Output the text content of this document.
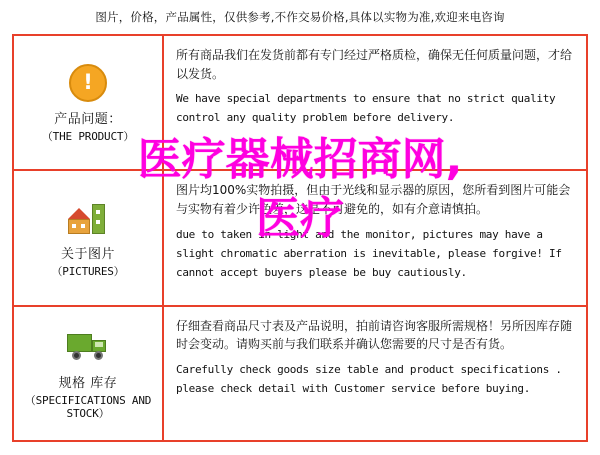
图片，价格，产品属性，仅供参考,不作交易价格,具体以实物为准,欢迎来电咨询
!
产品问题：
（THE PRODUCT）

所有商品我们在发货前都有专门经过严格质检，确保无任何质量问题，才给以发货。

We have special departments to ensure that no strict quality control any quality problem before delivery.

关于图片
（PICTURES）

图片均100%实物拍摄，但由于光线和显示器的原因，您所看到图片可能会与实物有着少许色差，这是不可避免的，如有介意请慎拍。

due to taken in light and the monitor, pictures may have a slight chromatic aberration is inevitable, please forgive! If cannot accept buyers please be buy cautiously.

规格 库存
（SPECIFICATIONS AND STOCK）

仔细查看商品尺寸表及产品说明，拍前请咨询客服所需规格！另所因库存随时会变动。请购买前与我们联系并确认您需要的尺寸是否有货。

Carefully check goods size table and product specifications . please check detail with Customer service before buying.

医疗器械招商网,
医疗
